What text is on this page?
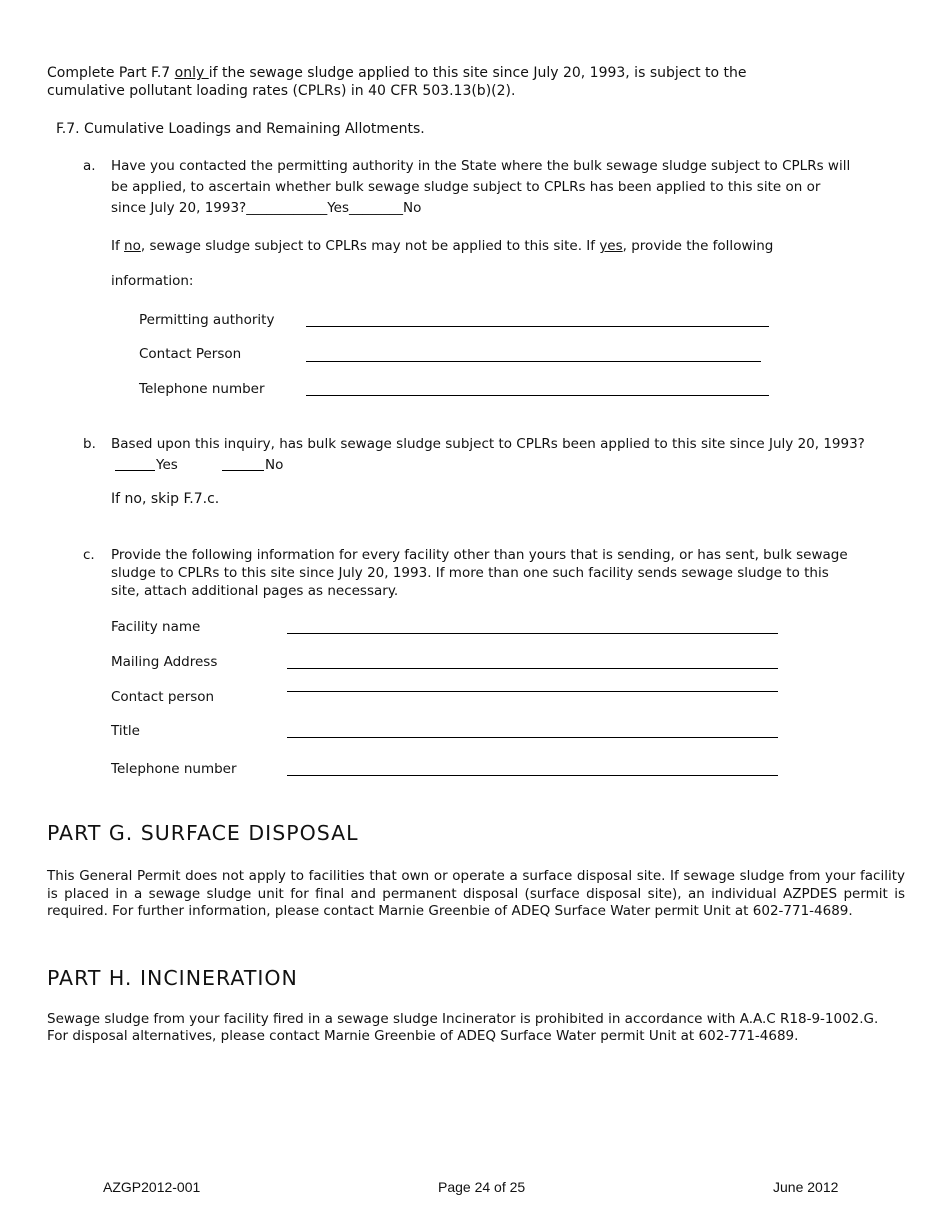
Complete Part F.7 only if the sewage sludge applied to this site since July 20, 1993, is subject to the
cumulative pollutant loading rates (CPLRs) in 40 CFR 503.13(b)(2).
F.7. Cumulative Loadings and Remaining Allotments.
a. Have you contacted the permitting authority in the State where the bulk sewage sludge subject to CPLRs will
be applied, to ascertain whether bulk sewage sludge subject to CPLRs has been applied to this site on or
since July 20, 1993?____________Yes________No
If no, sewage sludge subject to CPLRs may not be applied to this site. If yes, provide the following
information:
Permitting authority
Contact Person
Telephone number
b. Based upon this inquiry, has bulk sewage sludge subject to CPLRs been applied to this site since July 20, 1993?
Yes	No
If no, skip F.7.c.
c. Provide the following information for every facility other than yours that is sending, or has sent, bulk sewage
sludge to CPLRs to this site since July 20, 1993. If more than one such facility sends sewage sludge to this
site, attach additional pages as necessary.
Facility name
Mailing Address
Contact person
Title
Telephone number
PART G. SURFACE DISPOSAL
This General Permit does not apply to facilities that own or operate a surface disposal site. If sewage sludge from your facility is placed in a sewage sludge unit for final and permanent disposal (surface disposal site), an individual AZPDES permit is required. For further information, please contact Marnie Greenbie of ADEQ Surface Water permit Unit at 602-771-4689.
PART H. INCINERATION
Sewage sludge from your facility fired in a sewage sludge Incinerator is prohibited in accordance with A.A.C R18-9-1002.G.
For disposal alternatives, please contact Marnie Greenbie of ADEQ Surface Water permit Unit at 602-771-4689.
AZGP2012-001	Page 24 of 25	June 2012
